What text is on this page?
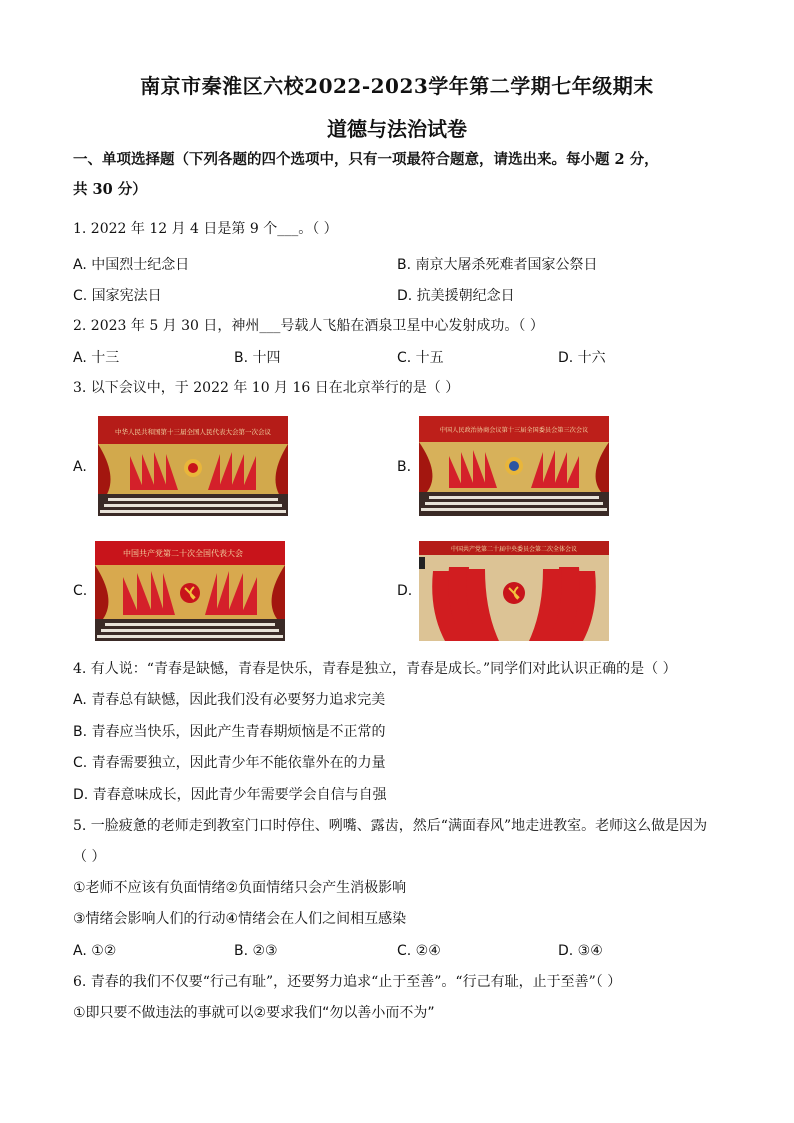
南京市秦淮区六校2022-2023学年第二学期七年级期末
道德与法治试卷
一、单项选择题（下列各题的四个选项中，只有一项最符合题意，请选出来。每小题 2 分，
共 30 分）
1. 2022 年 12 月 4 日是第 9 个___。（ ）
A. 中国烈士纪念日	B. 南京大屠杀死难者国家公祭日
C. 国家宪法日	D. 抗美援朝纪念日
2. 2023 年 5 月 30 日，神州___号载人飞船在酒泉卫星中心发射成功。（ ）
A. 十三	B. 十四	C. 十五	D. 十六
3. 以下会议中，于 2022 年 10 月 16 日在北京举行的是（ ）
A.
中华人民共和国第十三届全国人民代表大会第一次会议
B.
中国人民政治协商会议第十三届全国委员会第三次会议
C.
中国共产党第二十次全国代表大会
D.
中国共产党第二十届中央委员会第二次全体会议
4. 有人说：“青春是缺憾，青春是快乐，青春是独立，青春是成长。”同学们对此认识正确的是（ ）
A. 青春总有缺憾，因此我们没有必要努力追求完美
B. 青春应当快乐，因此产生青春期烦恼是不正常的
C. 青春需要独立，因此青少年不能依靠外在的力量
D. 青春意味成长，因此青少年需要学会自信与自强
5. 一脸疲惫的老师走到教室门口时停住、咧嘴、露齿，然后“满面春风”地走进教室。老师这么做是因为
（ ）
①老师不应该有负面情绪②负面情绪只会产生消极影响
③情绪会影响人们的行动④情绪会在人们之间相互感染
A. ①②	B. ②③	C. ②④	D. ③④
6. 青春的我们不仅要“行己有耻”，还要努力追求“止于至善”。“行己有耻，止于至善”（ ）
①即只要不做违法的事就可以②要求我们“勿以善小而不为”
